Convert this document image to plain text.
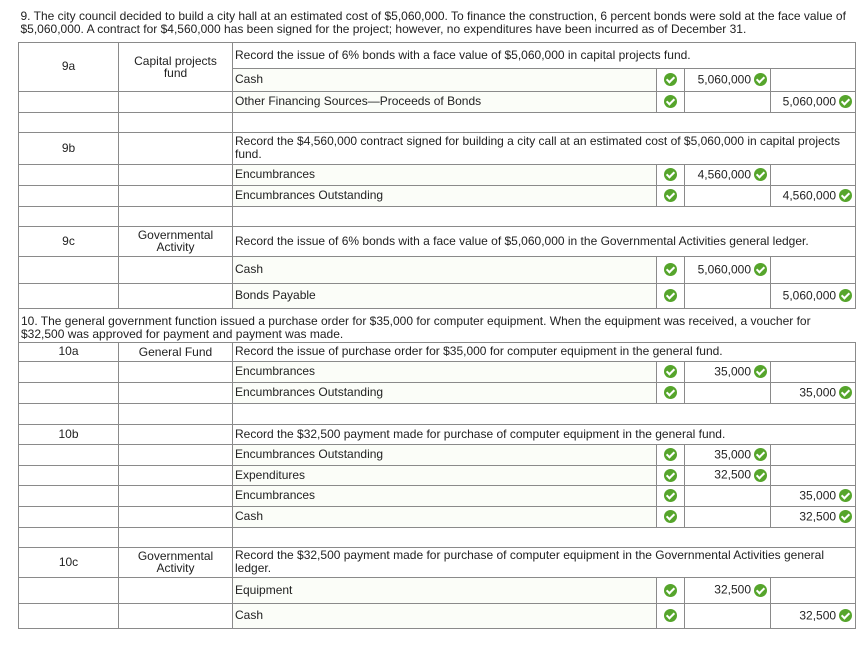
9. The city council decided to build a city hall at an estimated cost of $5,060,000. To finance the construction, 6 percent bonds were sold at the face value of $5,060,000. A contract for $4,560,000 has been signed for the project; however, no expenditures have been incurred as of December 31.					
9a	Capital projects fund	Record the issue of 6% bonds with a face value of $5,060,000 in capital projects fund.			
		Cash		5,060,000	
		Other Financing Sources—Proceeds of Bonds			5,060,000

9b		Record the $4,560,000 contract signed for building a city call at an estimated cost of $5,060,000 in capital projects fund.			
		Encumbrances		4,560,000	
		Encumbrances Outstanding			4,560,000

9c	Governmental Activity	Record the issue of 6% bonds with a face value of $5,060,000 in the Governmental Activities general ledger.			
		Cash		5,060,000	
		Bonds Payable			5,060,000
10. The general government function issued a purchase order for $35,000 for computer equipment. When the equipment was received, a voucher for $32,500 was approved for payment and payment was made.					
10a	General Fund	Record the issue of purchase order for $35,000 for computer equipment in the general fund.			
		Encumbrances		35,000	
		Encumbrances Outstanding			35,000

10b		Record the $32,500 payment made for purchase of computer equipment in the general fund.			
		Encumbrances Outstanding		35,000	
		Expenditures		32,500	
		Encumbrances			35,000
		Cash			32,500

10c	Governmental Activity	Record the $32,500 payment made for purchase of computer equipment in the Governmental Activities general ledger.			
		Equipment		32,500	
		Cash			32,500
